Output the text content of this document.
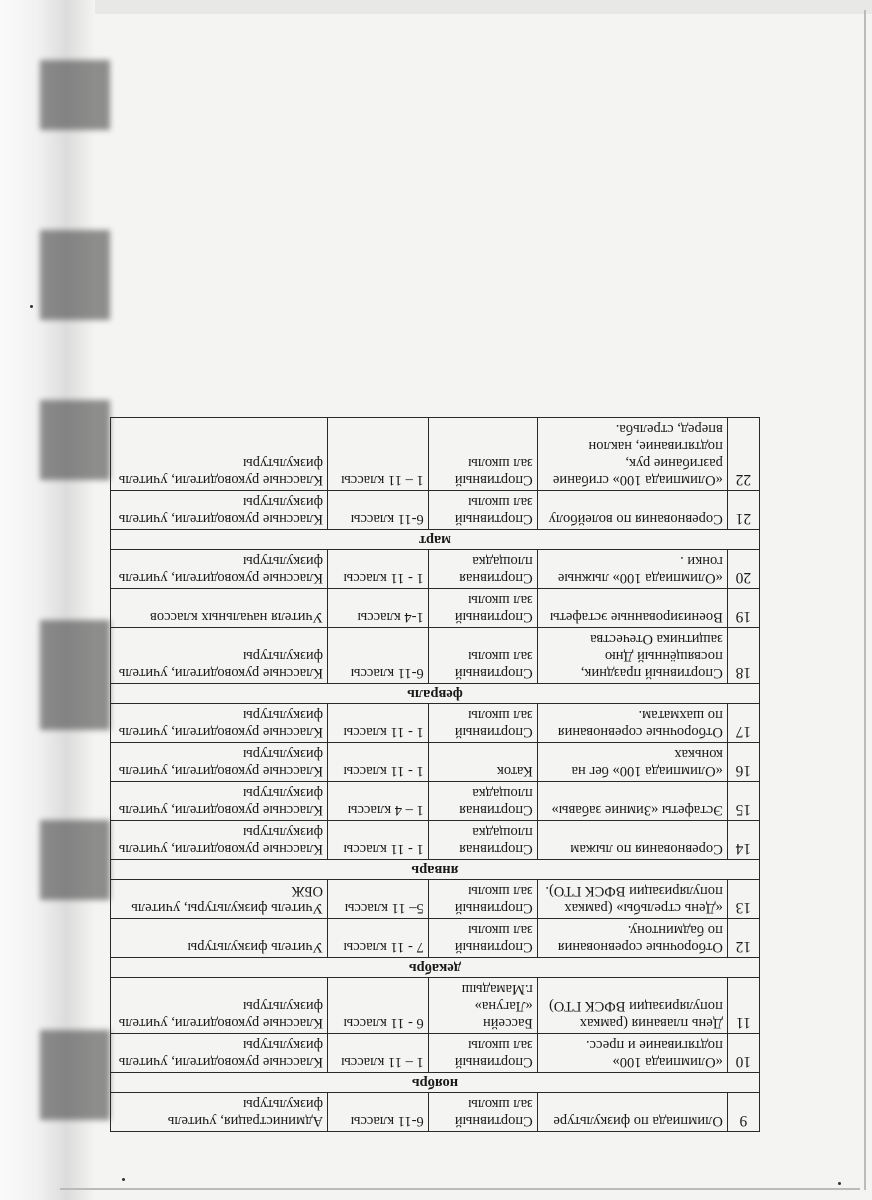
9	Олимпиада по физкультуре	Спортивный зал школы	6-11 классы	Администрация, учитель физкультуры
ноябрь				
10	«Олимпиада 100» подтягивание и пресс.	Спортивный зал школы	1 – 11 классы	Классные руководители, учитель физкультуры
11	День плавания (рамках популяризации ВФСК ГТО)	Бассейн «Лагуна» г.Мамадыш	6 - 11 классы	Классные руководители, учитель физкультуры
декабрь				
12	Отборочные соревнования по бадминтону.	Спортивный зал школы	7 - 11 классы	Учитель физкультуры
13	«День стрельбы» (рамках популяризации ВФСК ГТО).	Спортивный зал школы	5– 11 классы	Учитель физкультуры, учитель ОБЖ
январь				
14	Соревнования по лыжам	Спортивная площадка	1 - 11 классы	Классные руководители, учитель физкультуры
15	Эстафеты «Зимние забавы»	Спортивная площадка	1 – 4 классы	Классные руководители, учитель физкультуры
16	«Олимпиада 100» бег на коньках	Каток	1 - 11 классы	Классные руководители, учитель физкультуры
17	Отборочные соревнования по шахматам.	Спортивный зал школы	1 - 11 классы	Классные руководители, учитель физкультуры
февраль				
18	Спортивный праздник, посвящённый Дню защитника Отечества	Спортивный зал школы	6-11 классы	Классные руководители, учитель физкультуры
19	Военизированные эстафеты	Спортивный зал школы	1-4 классы	Учителя начальных классов
20	«Олимпиада 100» лыжные гонки .	Спортивная площадка	1 - 11 классы	Классные руководители, учитель физкультуры
март				
21	Соревнования по волейболу	Спортивный зал школы	6-11 классы	Классные руководители, учитель физкультуры
22	«Олимпиада 100» сгибание разгибание рук, подтягивание, наклон вперед, стрельба.	Спортивный зал школы	1 – 11 классы	Классные руководители, учитель физкультуры
